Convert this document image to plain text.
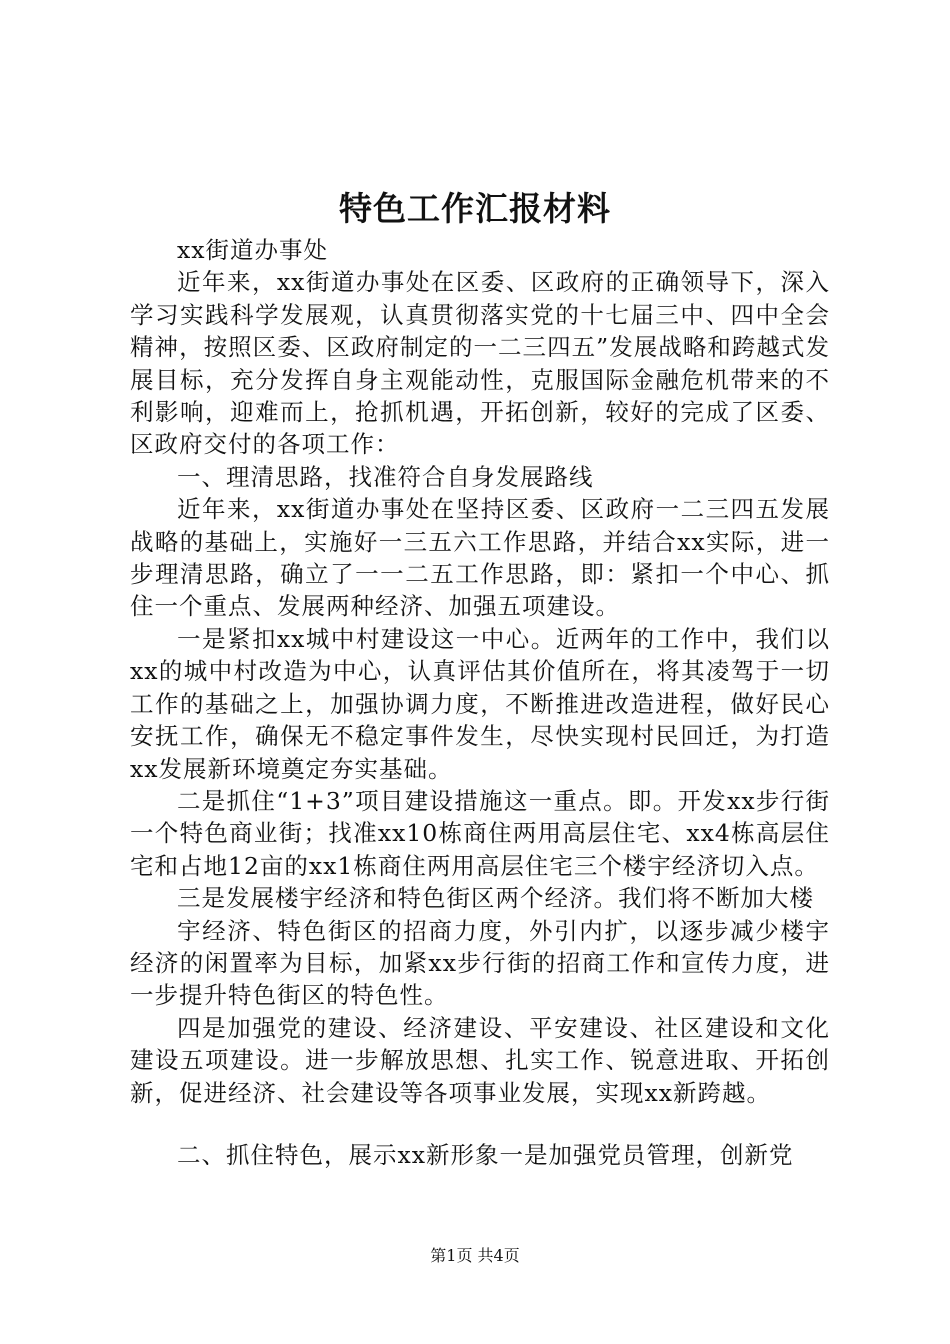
特色工作汇报材料

xx街道办事处

近年来，xx街道办事处在区委、区政府的正确领导下，深入学习实践科学发展观，认真贯彻落实党的十七届三中、四中全会精神，按照区委、区政府制定的一二三四五”发展战略和跨越式发展目标，充分发挥自身主观能动性，克服国际金融危机带来的不利影响，迎难而上，抢抓机遇，开拓创新，较好的完成了区委、区政府交付的各项工作：

一、理清思路，找准符合自身发展路线

近年来，xx街道办事处在坚持区委、区政府一二三四五发展战略的基础上，实施好一三五六工作思路，并结合xx实际，进一步理清思路，确立了一一二五工作思路，即：紧扣一个中心、抓住一个重点、发展两种经济、加强五项建设。

一是紧扣xx城中村建设这一中心。近两年的工作中，我们以xx的城中村改造为中心，认真评估其价值所在，将其凌驾于一切工作的基础之上，加强协调力度，不断推进改造进程，做好民心安抚工作，确保无不稳定事件发生，尽快实现村民回迁，为打造xx发展新环境奠定夯实基础。

二是抓住“1+3”项目建设措施这一重点。即。开发xx步行街一个特色商业街；找准xx10栋商住两用高层住宅、xx4栋高层住宅和占地12亩的xx1栋商住两用高层住宅三个楼宇经济切入点。

三是发展楼宇经济和特色街区两个经济。我们将不断加大楼

宇经济、特色街区的招商力度，外引内扩，以逐步减少楼宇经济的闲置率为目标，加紧xx步行街的招商工作和宣传力度，进一步提升特色街区的特色性。

四是加强党的建设、经济建设、平安建设、社区建设和文化建设五项建设。进一步解放思想、扎实工作、锐意进取、开拓创新，促进经济、社会建设等各项事业发展，实现xx新跨越。

二、抓住特色，展示xx新形象一是加强党员管理，创新党

第1页 共4页
